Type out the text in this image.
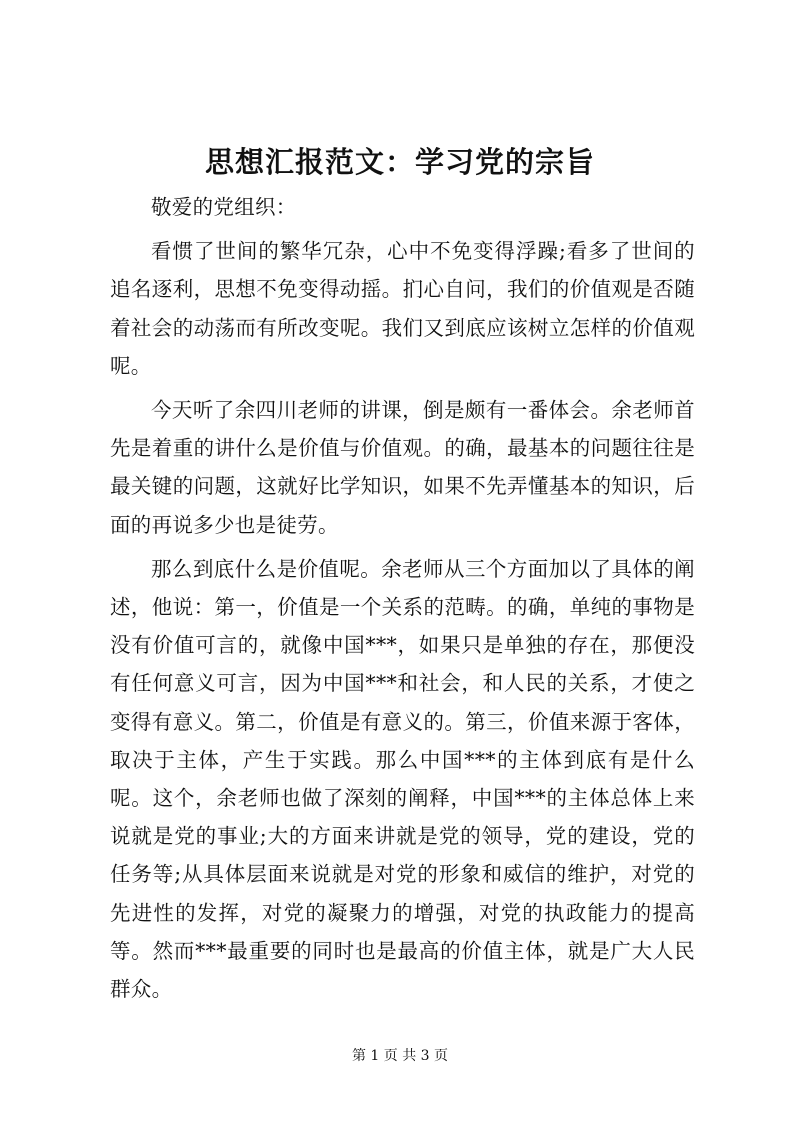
思想汇报范文：学习党的宗旨

敬爱的党组织：

看惯了世间的繁华冗杂，心中不免变得浮躁;看多了世间的追名逐利，思想不免变得动摇。扪心自问，我们的价值观是否随着社会的动荡而有所改变呢。我们又到底应该树立怎样的价值观呢。

今天听了余四川老师的讲课，倒是颇有一番体会。余老师首先是着重的讲什么是价值与价值观。的确，最基本的问题往往是最关键的问题，这就好比学知识，如果不先弄懂基本的知识，后面的再说多少也是徒劳。

那么到底什么是价值呢。余老师从三个方面加以了具体的阐述，他说：第一，价值是一个关系的范畴。的确，单纯的事物是没有价值可言的，就像中国***，如果只是单独的存在，那便没有任何意义可言，因为中国***和社会，和人民的关系，才使之变得有意义。第二，价值是有意义的。第三，价值来源于客体，取决于主体，产生于实践。那么中国***的主体到底有是什么呢。这个，余老师也做了深刻的阐释，中国***的主体总体上来说就是党的事业;大的方面来讲就是党的领导，党的建设，党的任务等;从具体层面来说就是对党的形象和威信的维护，对党的先进性的发挥，对党的凝聚力的增强，对党的执政能力的提高等。然而***最重要的同时也是最高的价值主体，就是广大人民群众。

第 1 页 共 3 页
